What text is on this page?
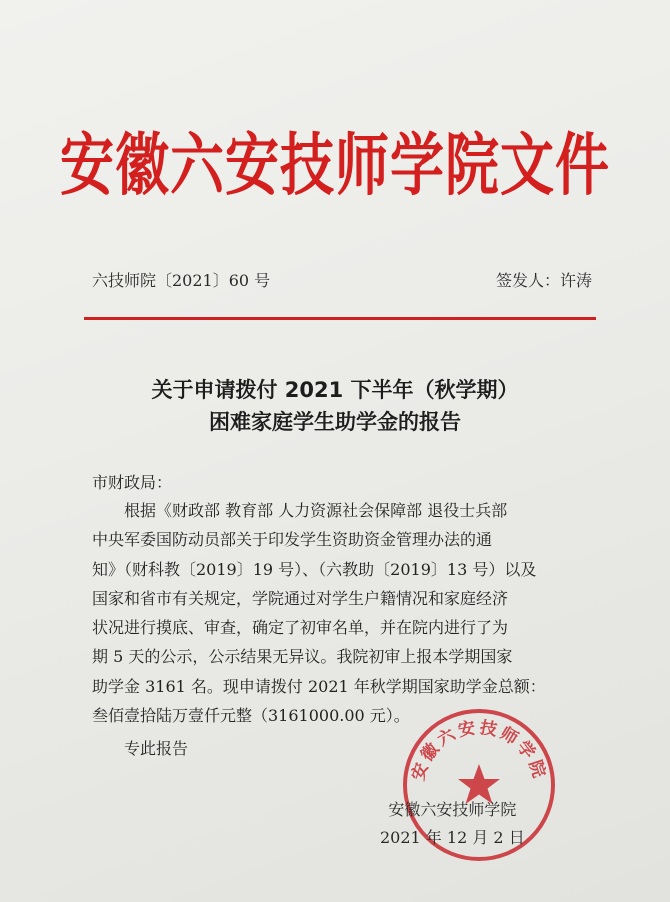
安徽六安技师学院文件
六技师院〔2021〕60 号	签发人：许涛
关于申请拨付 2021 下半年（秋学期）
困难家庭学生助学金的报告
市财政局：
根据《财政部 教育部 人力资源社会保障部 退役士兵部
中央军委国防动员部关于印发学生资助资金管理办法的通
知》（财科教〔2019〕19 号）、（六教助〔2019〕13 号）以及
国家和省市有关规定，学院通过对学生户籍情况和家庭经济
状况进行摸底、审查，确定了初审名单，并在院内进行了为
期 5 天的公示，公示结果无异议。我院初审上报本学期国家
助学金 3161 名。现申请拨付 2021 年秋学期国家助学金总额：
叁佰壹拾陆万壹仟元整（3161000.00 元）。
专此报告
安徽六安技师学院
安徽六安技师学院
2021 年 12 月 2 日
